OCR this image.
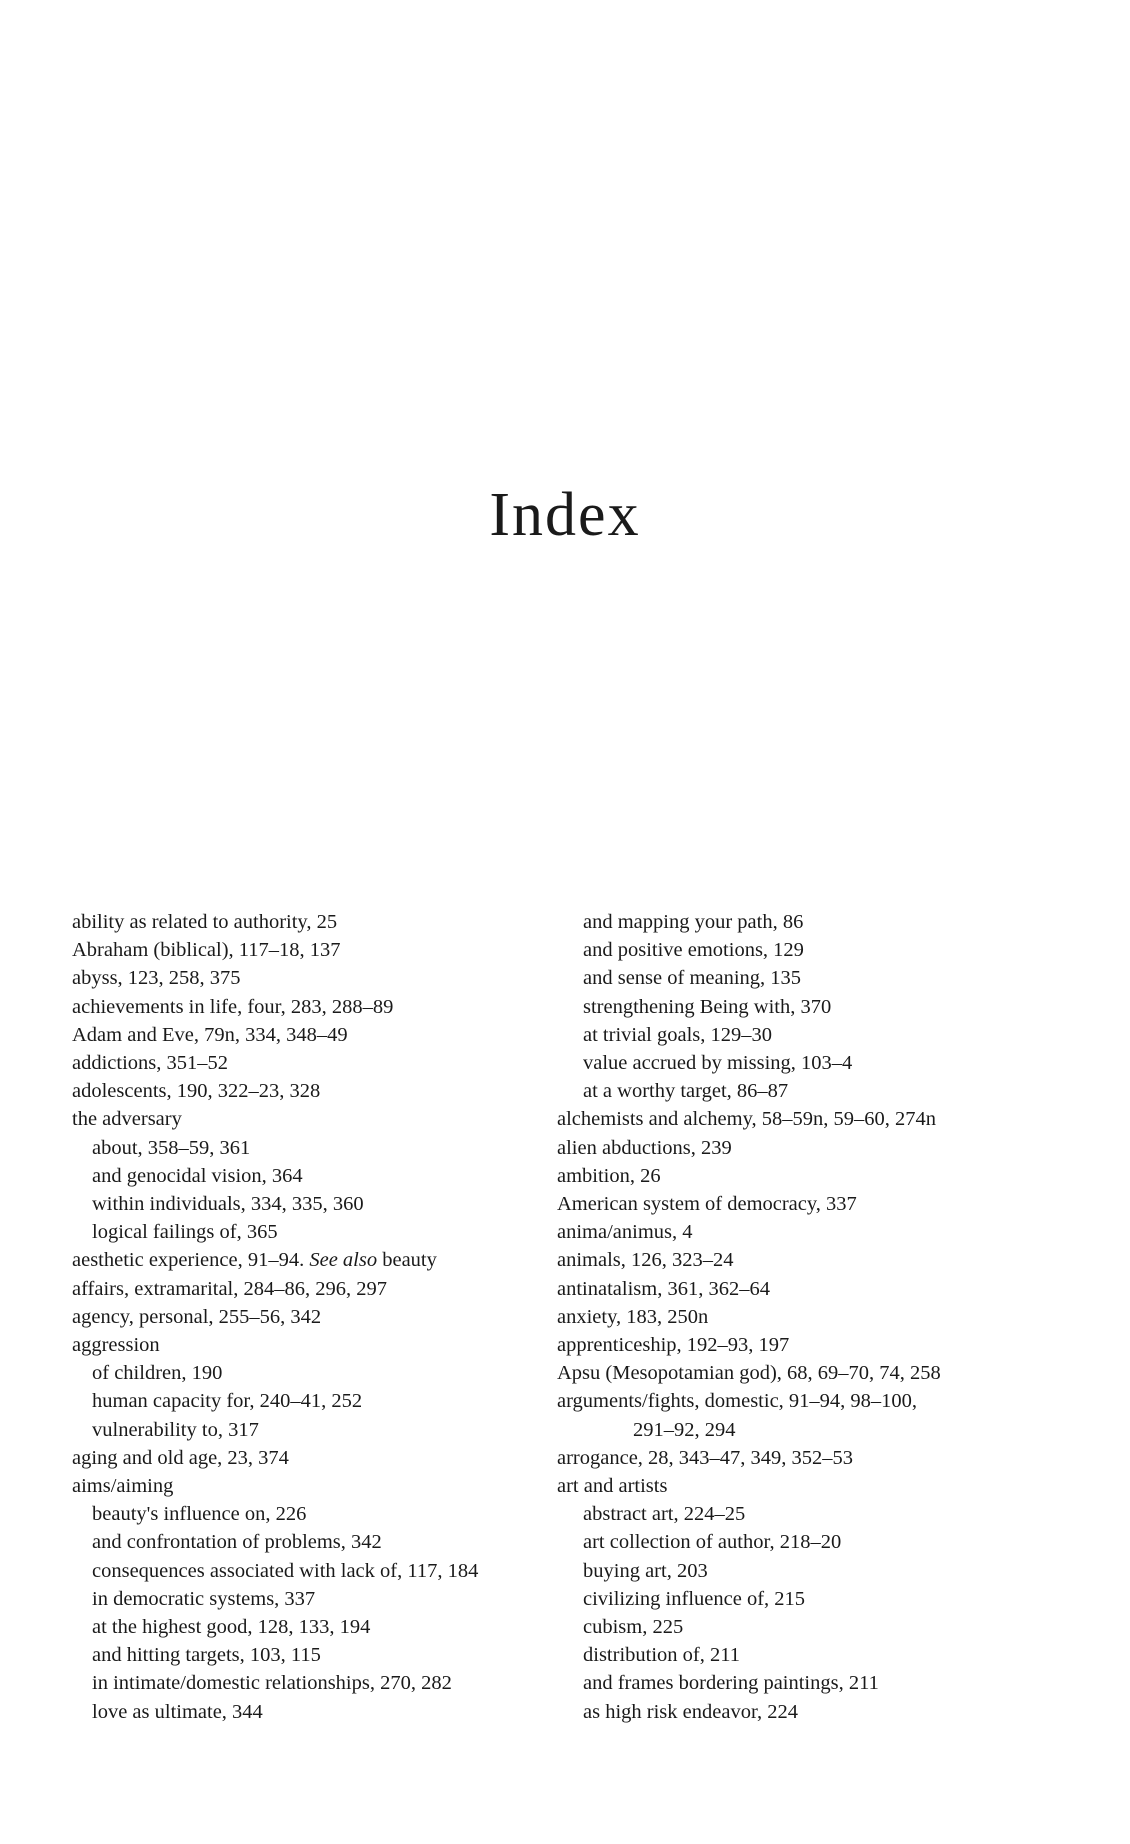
Index
ability as related to authority, 25
Abraham (biblical), 117–18, 137
abyss, 123, 258, 375
achievements in life, four, 283, 288–89
Adam and Eve, 79n, 334, 348–49
addictions, 351–52
adolescents, 190, 322–23, 328
the adversary
about, 358–59, 361
and genocidal vision, 364
within individuals, 334, 335, 360
logical failings of, 365
aesthetic experience, 91–94. See also beauty
affairs, extramarital, 284–86, 296, 297
agency, personal, 255–56, 342
aggression
of children, 190
human capacity for, 240–41, 252
vulnerability to, 317
aging and old age, 23, 374
aims/aiming
beauty's influence on, 226
and confrontation of problems, 342
consequences associated with lack of, 117, 184
in democratic systems, 337
at the highest good, 128, 133, 194
and hitting targets, 103, 115
in intimate/domestic relationships, 270, 282
love as ultimate, 344
and mapping your path, 86
and positive emotions, 129
and sense of meaning, 135
strengthening Being with, 370
at trivial goals, 129–30
value accrued by missing, 103–4
at a worthy target, 86–87
alchemists and alchemy, 58–59n, 59–60, 274n
alien abductions, 239
ambition, 26
American system of democracy, 337
anima/animus, 4
animals, 126, 323–24
antinatalism, 361, 362–64
anxiety, 183, 250n
apprenticeship, 192–93, 197
Apsu (Mesopotamian god), 68, 69–70, 74, 258
arguments/fights, domestic, 91–94, 98–100,
291–92, 294
arrogance, 28, 343–47, 349, 352–53
art and artists
abstract art, 224–25
art collection of author, 218–20
buying art, 203
civilizing influence of, 215
cubism, 225
distribution of, 211
and frames bordering paintings, 211
as high risk endeavor, 224
